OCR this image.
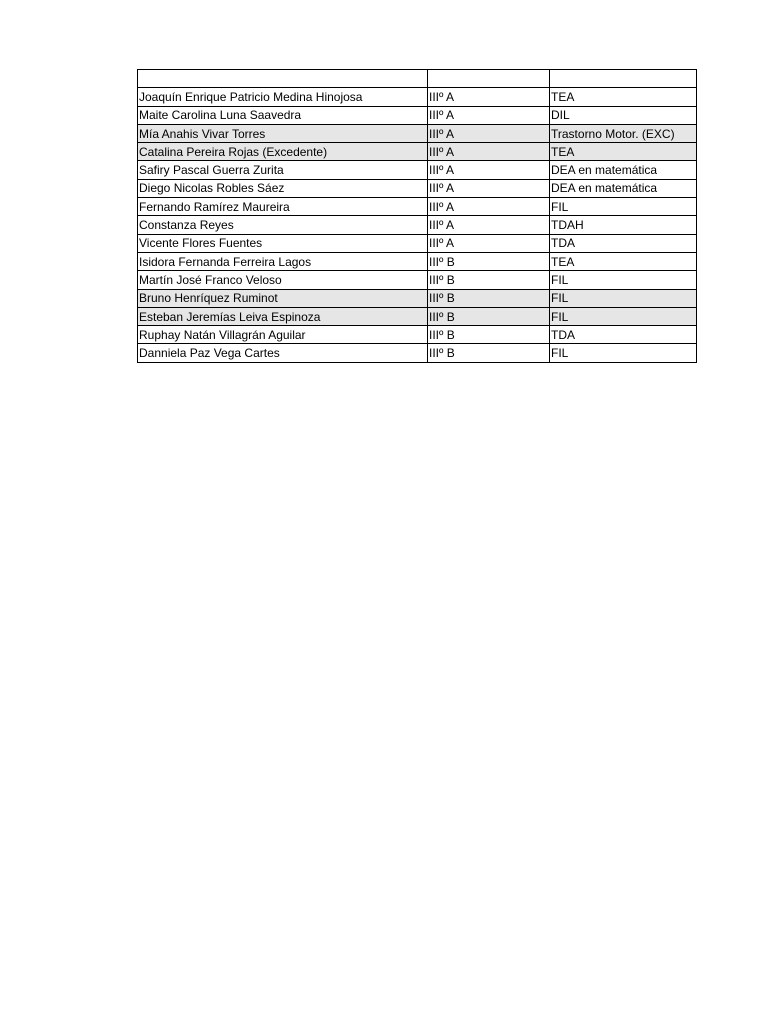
Joaquín Enrique Patricio Medina Hinojosa	IIIº A	TEA
Maite Carolina Luna Saavedra	IIIº A	DIL
Mía Anahis Vivar Torres	IIIº A	Trastorno Motor. (EXC)
Catalina Pereira Rojas (Excedente)	IIIº A	TEA
Safiry Pascal Guerra Zurita	IIIº A	DEA en matemática
Diego Nicolas Robles Sáez	IIIº A	DEA en matemática
Fernando Ramírez Maureira	IIIº A	FIL
Constanza Reyes	IIIº A	TDAH
Vicente Flores Fuentes	IIIº A	TDA
Isidora Fernanda Ferreira Lagos	IIIº B	TEA
Martín José Franco Veloso	IIIº B	FIL
Bruno Henríquez Ruminot	IIIº B	FIL
Esteban Jeremías Leiva Espinoza	IIIº B	FIL
Ruphay Natán Villagrán Aguilar	IIIº B	TDA
Danniela Paz Vega Cartes	IIIº B	FIL
